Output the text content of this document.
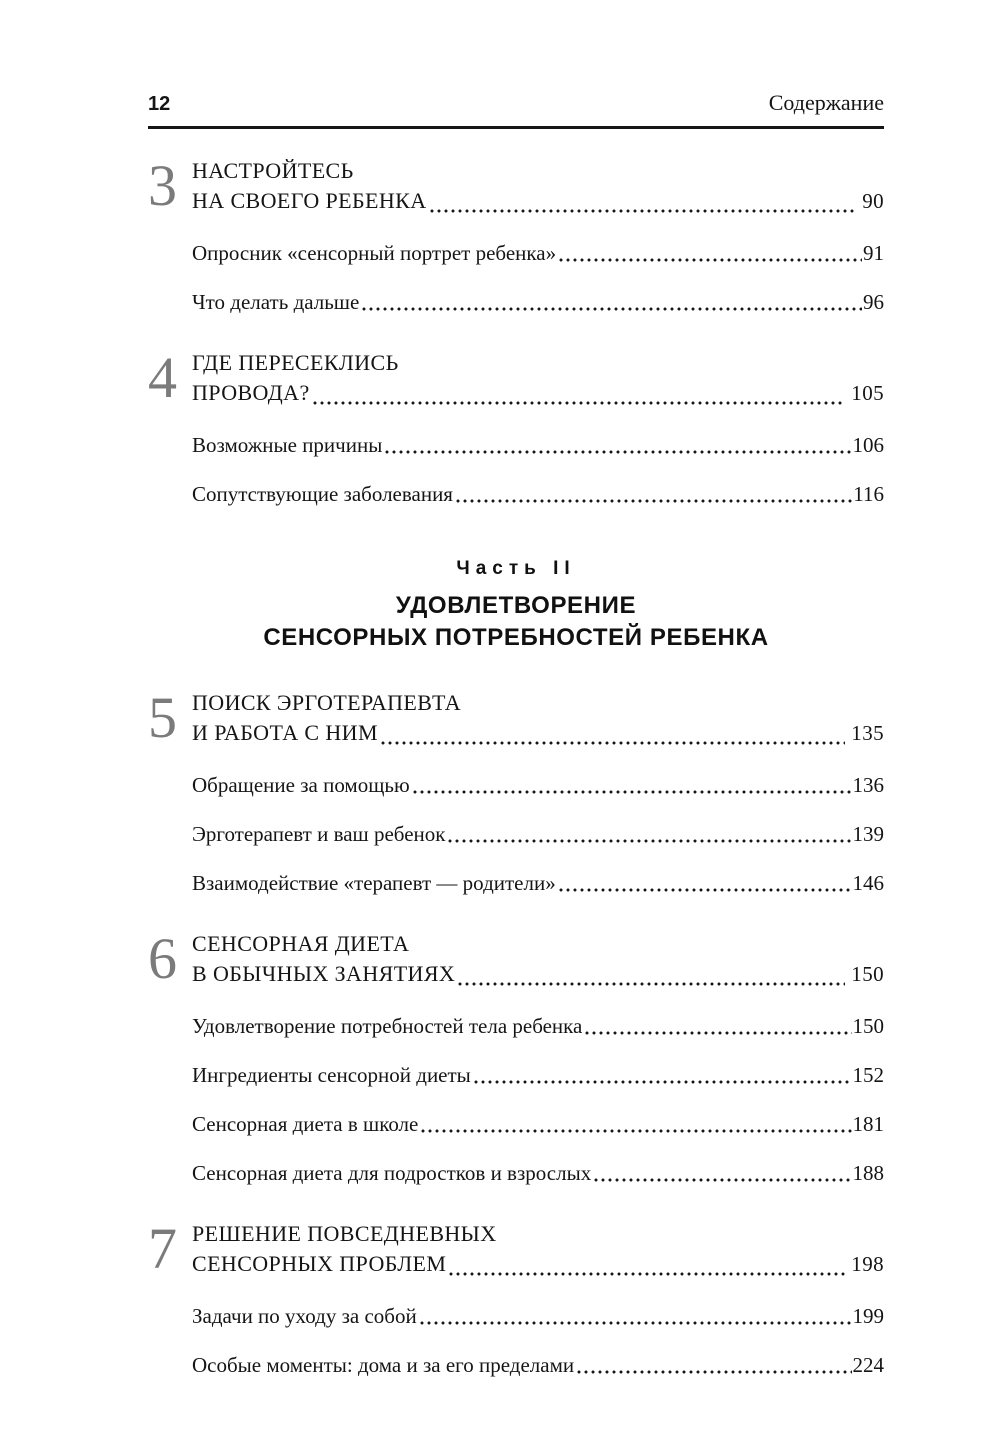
12	Содержание
3 НАСТРОЙТЕСЬ
НА СВОЕГО РЕБЕНКА	90
Опросник «сенсорный портрет ребенка»	91
Что делать дальше	96
4 ГДЕ ПЕРЕСЕКЛИСЬ
ПРОВОДА?	105
Возможные причины	106
Сопутствующие заболевания	116
Часть II
УДОВЛЕТВОРЕНИЕ
СЕНСОРНЫХ ПОТРЕБНОСТЕЙ РЕБЕНКА
5 ПОИСК ЭРГОТЕРАПЕВТА
И РАБОТА С НИМ	135
Обращение за помощью	136
Эрготерапевт и ваш ребенок	139
Взаимодействие «терапевт — родители»	146
6 СЕНСОРНАЯ ДИЕТА
В ОБЫЧНЫХ ЗАНЯТИЯХ	150
Удовлетворение потребностей тела ребенка	150
Ингредиенты сенсорной диеты	152
Сенсорная диета в школе	181
Сенсорная диета для подростков и взрослых	188
7 РЕШЕНИЕ ПОВСЕДНЕВНЫХ
СЕНСОРНЫХ ПРОБЛЕМ	198
Задачи по уходу за собой	199
Особые моменты: дома и за его пределами	224
